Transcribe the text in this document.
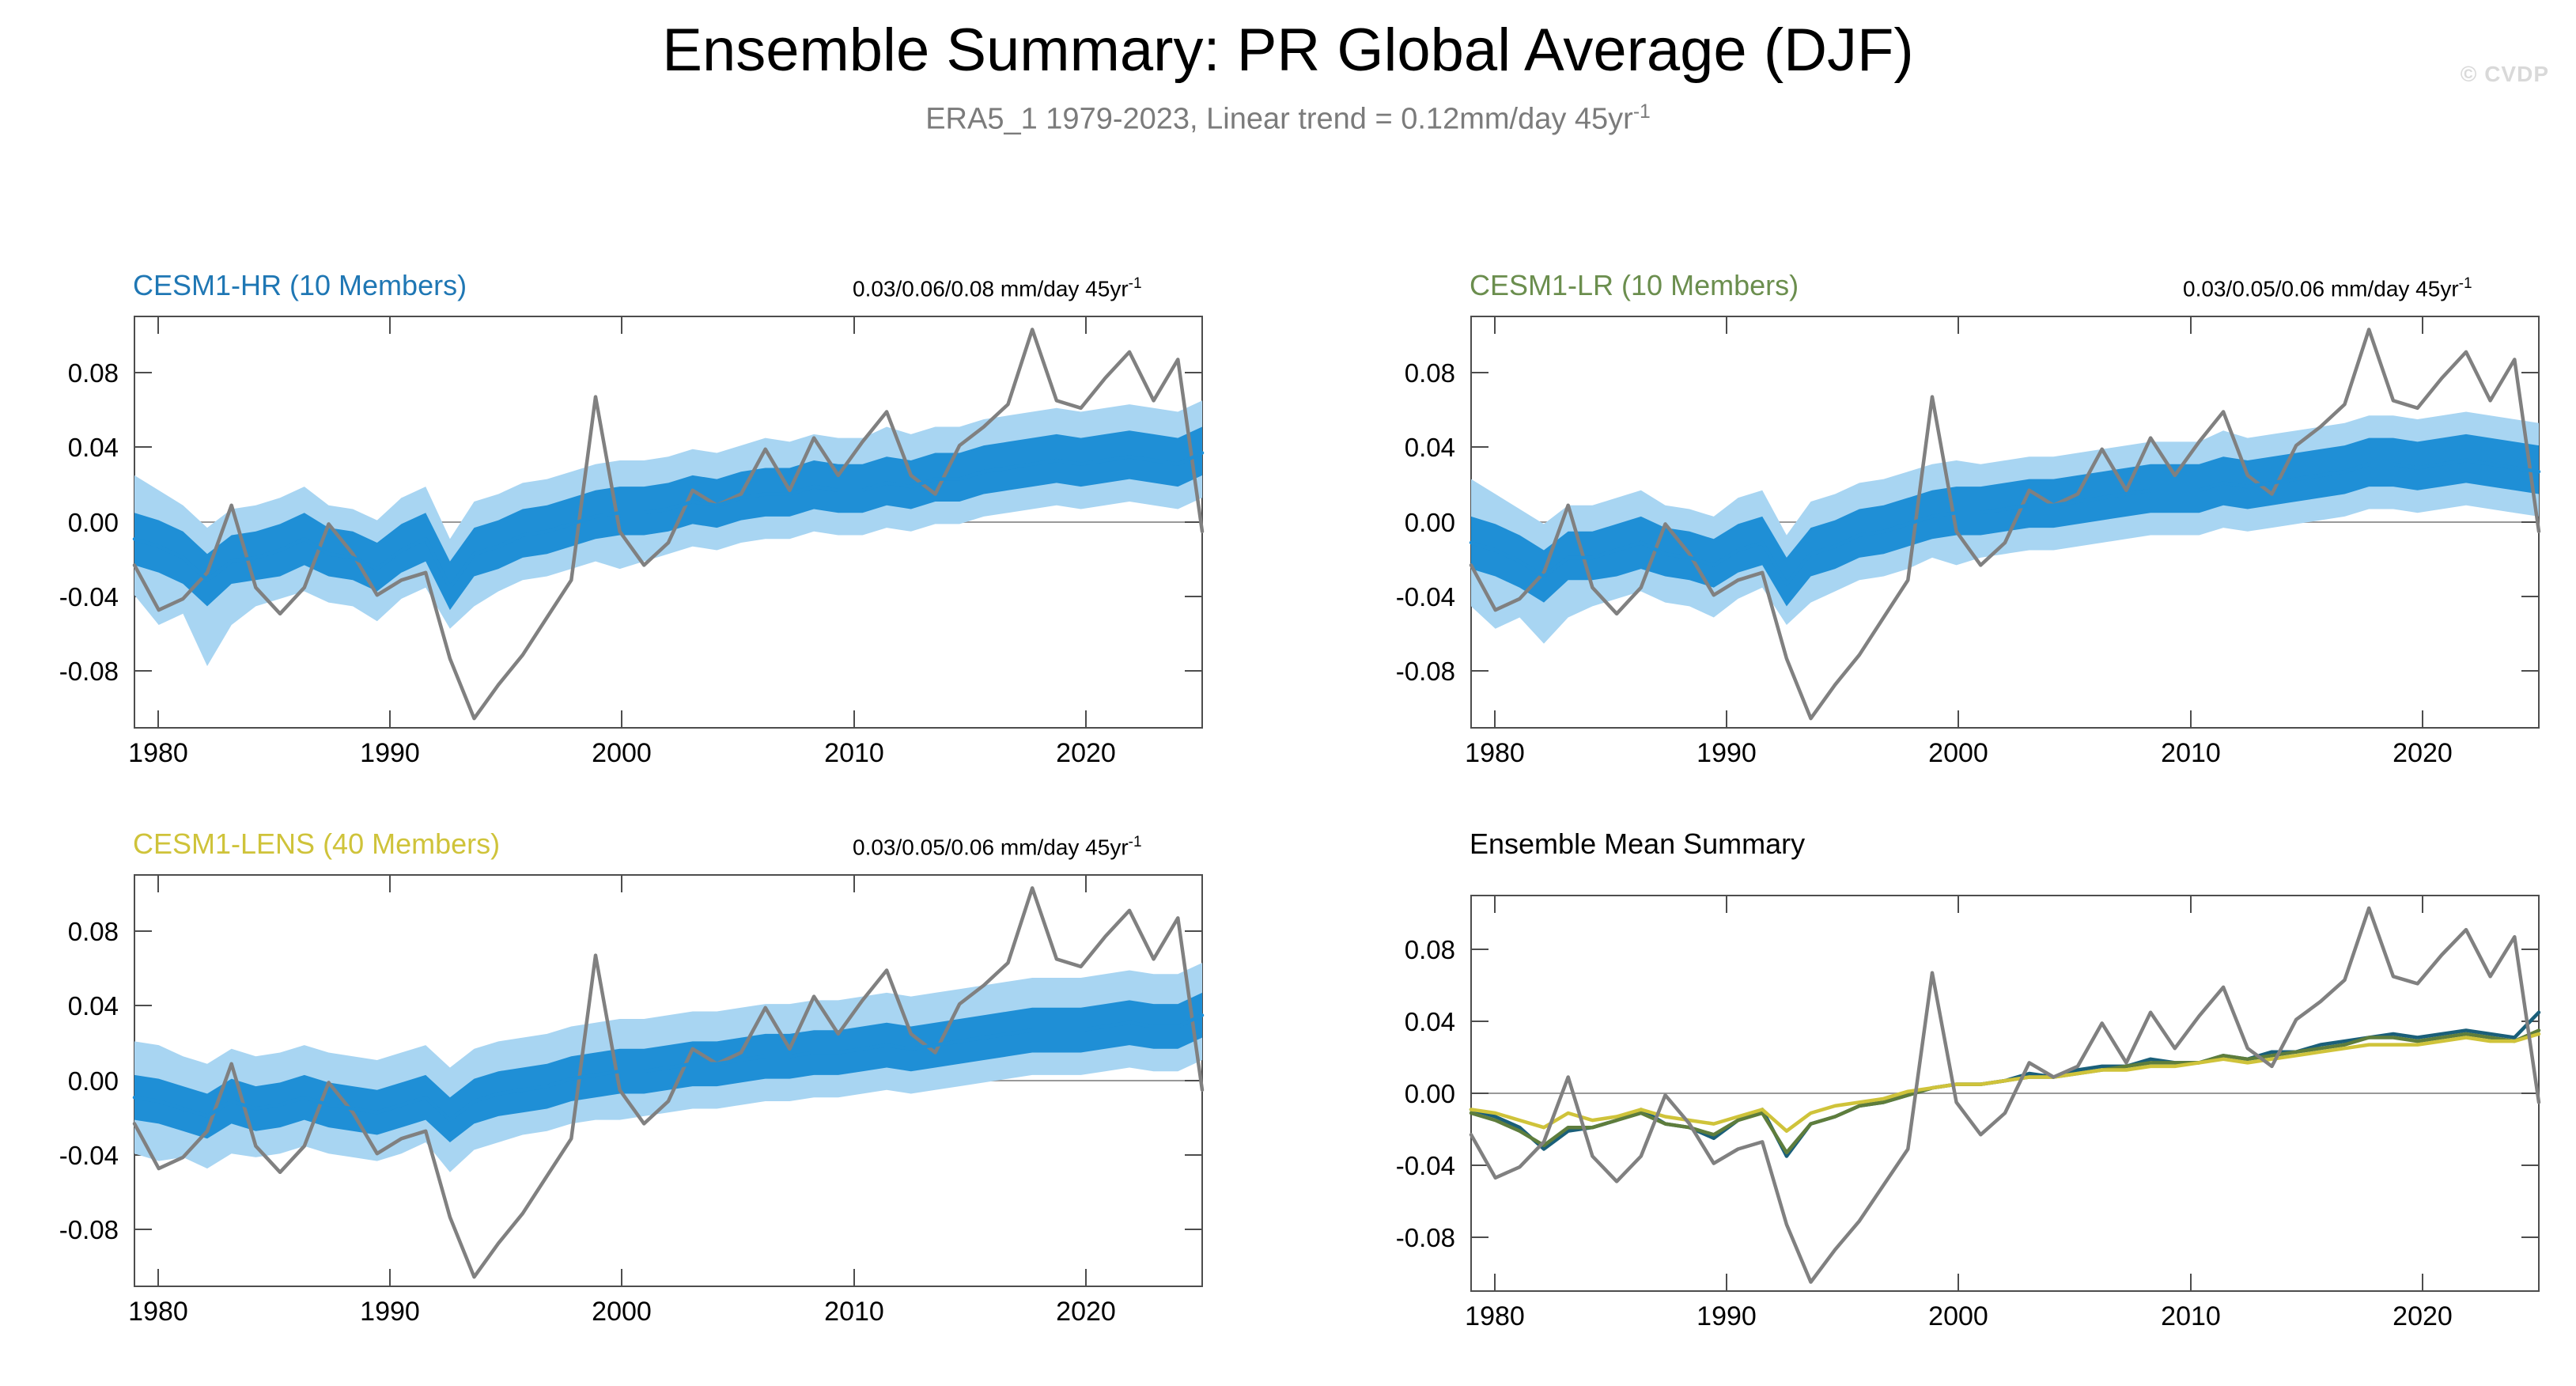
Ensemble Summary: PR Global Average (DJF)
ERA5_1 1979-2023, Linear trend = 0.12mm/day $45yr^{-1}$
© CVDP
CESM1-HR (10 Members)	0.03/0.06/0.08 mm/day $45yr^{-1}$
0.08
0.04
0.00
-0.04
-0.08
1980	1990	2000	2010	2020
CESM1-LR (10 Members)	0.03/0.05/0.06 mm/day $45yr^{-1}$
0.08
0.04
0.00
-0.04
-0.08
1980	1990	2000	2010	2020
CESM1-LENS (40 Members)	0.03/0.05/0.06 mm/day $45yr^{-1}$
0.08
0.04
0.00
-0.04
-0.08
1980	1990	2000	2010	2020
Ensemble Mean Summary
0.08
0.04
0.00
-0.04
-0.08
1980	1990	2000	2010	2020
